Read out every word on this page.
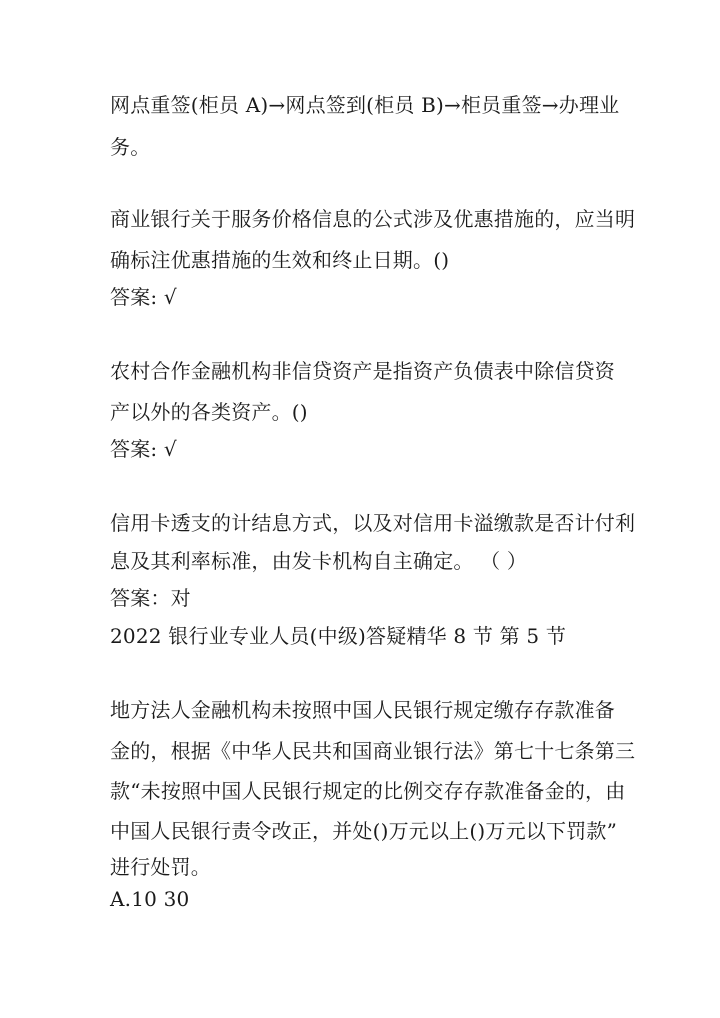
网点重签(柜员 A)→网点签到(柜员 B)→柜员重签→办理业
务。
商业银行关于服务价格信息的公式涉及优惠措施的，应当明
确标注优惠措施的生效和终止日期。()
答案: √
农村合作金融机构非信贷资产是指资产负债表中除信贷资
产以外的各类资产。()
答案: √
信用卡透支的计结息方式，以及对信用卡溢缴款是否计付利
息及其利率标准，由发卡机构自主确定。 （ ）
答案：对
2022 银行业专业人员(中级)答疑精华 8 节 第 5 节
地方法人金融机构未按照中国人民银行规定缴存存款准备
金的，根据《中华人民共和国商业银行法》第七十七条第三
款“未按照中国人民银行规定的比例交存存款准备金的，由
中国人民银行责令改正，并处()万元以上()万元以下罚款”
进行处罚。
A.10 30
